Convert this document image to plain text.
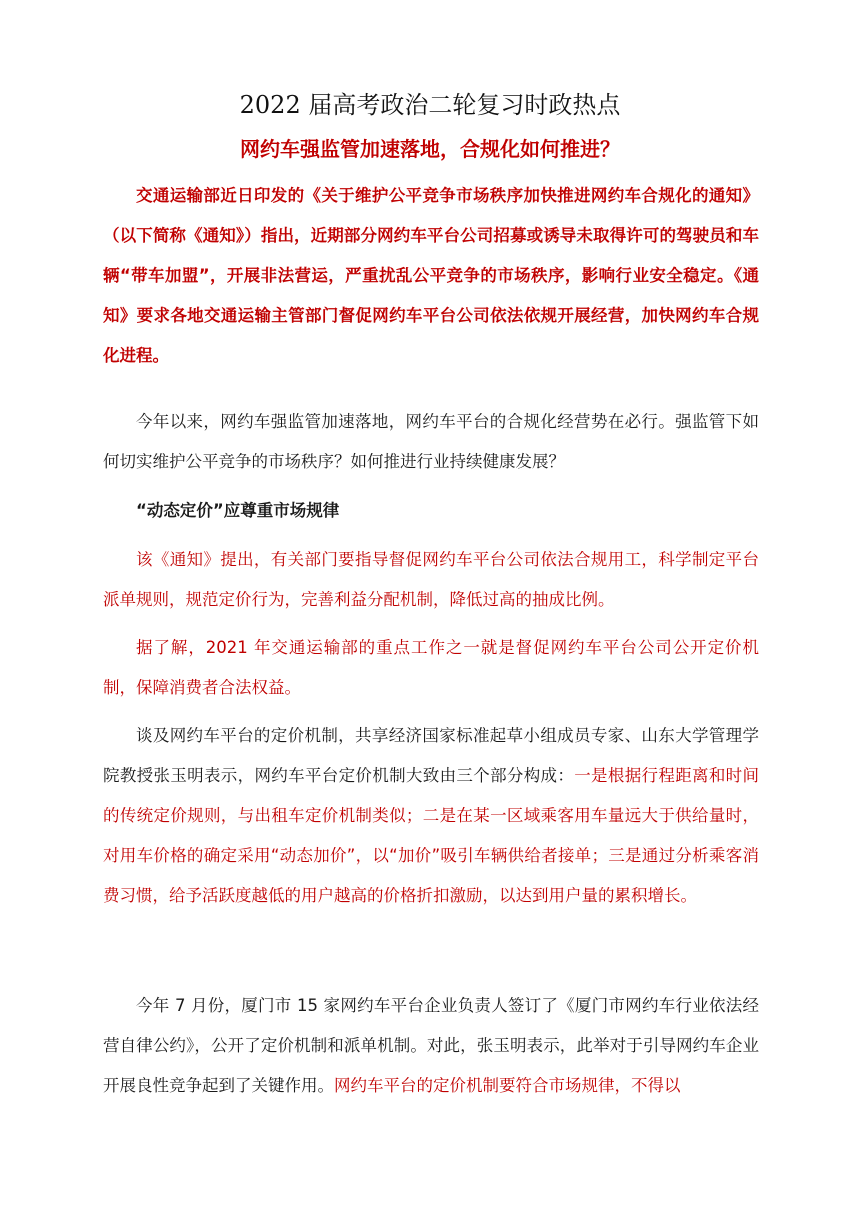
2022 届高考政治二轮复习时政热点
网约车强监管加速落地，合规化如何推进？

交通运输部近日印发的《关于维护公平竞争市场秩序加快推进网约车合规化的通知》（以下简称《通知》）指出，近期部分网约车平台公司招募或诱导未取得许可的驾驶员和车辆“带车加盟”，开展非法营运，严重扰乱公平竞争的市场秩序，影响行业安全稳定。《通知》要求各地交通运输主管部门督促网约车平台公司依法依规开展经营，加快网约车合规化进程。

今年以来，网约车强监管加速落地，网约车平台的合规化经营势在必行。强监管下如何切实维护公平竞争的市场秩序？如何推进行业持续健康发展？

“动态定价”应尊重市场规律

该《通知》提出，有关部门要指导督促网约车平台公司依法合规用工，科学制定平台派单规则，规范定价行为，完善利益分配机制，降低过高的抽成比例。

据了解，2021 年交通运输部的重点工作之一就是督促网约车平台公司公开定价机制，保障消费者合法权益。

谈及网约车平台的定价机制，共享经济国家标准起草小组成员专家、山东大学管理学院教授张玉明表示，网约车平台定价机制大致由三个部分构成：一是根据行程距离和时间的传统定价规则，与出租车定价机制类似；二是在某一区域乘客用车量远大于供给量时，对用车价格的确定采用“动态加价”，以“加价”吸引车辆供给者接单；三是通过分析乘客消费习惯，给予活跃度越低的用户越高的价格折扣激励，以达到用户量的累积增长。

今年 7 月份，厦门市 15 家网约车平台企业负责人签订了《厦门市网约车行业依法经营自律公约》，公开了定价机制和派单机制。对此，张玉明表示，此举对于引导网约车企业开展良性竞争起到了关键作用。网约车平台的定价机制要符合市场规律，不得以
